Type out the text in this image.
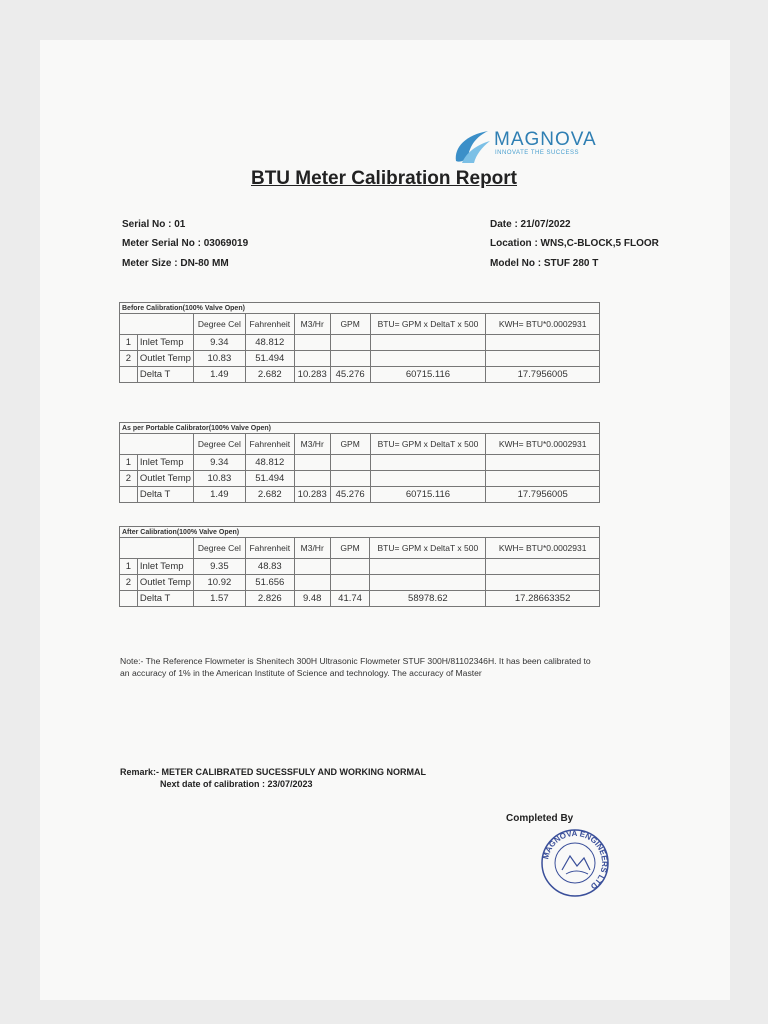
MAGNOVA
INNOVATE THE SUCCESS
BTU Meter Calibration Report
Serial No : 01
Meter Serial No : 03069019
Meter Size : DN-80 MM
Date : 21/07/2022
Location : WNS,C-BLOCK,5 FLOOR
Model No : STUF 280 T
Before Calibration(100% Valve Open)							
		Degree Cel	Fahrenheit	M3/Hr	GPM	BTU= GPM x DeltaT x 500	KWH= BTU*0.0002931
1	Inlet Temp	9.34	48.812				
2	Outlet Temp	10.83	51.494				
	Delta T	1.49	2.682	10.283	45.276	60715.116	17.7956005
As per Portable Calibrator(100% Valve Open)							
		Degree Cel	Fahrenheit	M3/Hr	GPM	BTU= GPM x DeltaT x 500	KWH= BTU*0.0002931
1	Inlet Temp	9.34	48.812				
2	Outlet Temp	10.83	51.494				
	Delta T	1.49	2.682	10.283	45.276	60715.116	17.7956005
After Calibration(100% Valve Open)							
		Degree Cel	Fahrenheit	M3/Hr	GPM	BTU= GPM x DeltaT x 500	KWH= BTU*0.0002931
1	Inlet Temp	9.35	48.83				
2	Outlet Temp	10.92	51.656				
	Delta T	1.57	2.826	9.48	41.74	58978.62	17.28663352
Note:- The Reference Flowmeter is Shenitech 300H Ultrasonic Flowmeter STUF 300H/81102346H. It has been calibrated to an accuracy of 1% in the American Institute of Science and technology. The accuracy of Master
Remark:- METER CALIBRATED SUCESSFULY AND WORKING NORMAL
Next date of calibration : 23/07/2023
Completed By
MAGNOVA ENGINEERS LTD
